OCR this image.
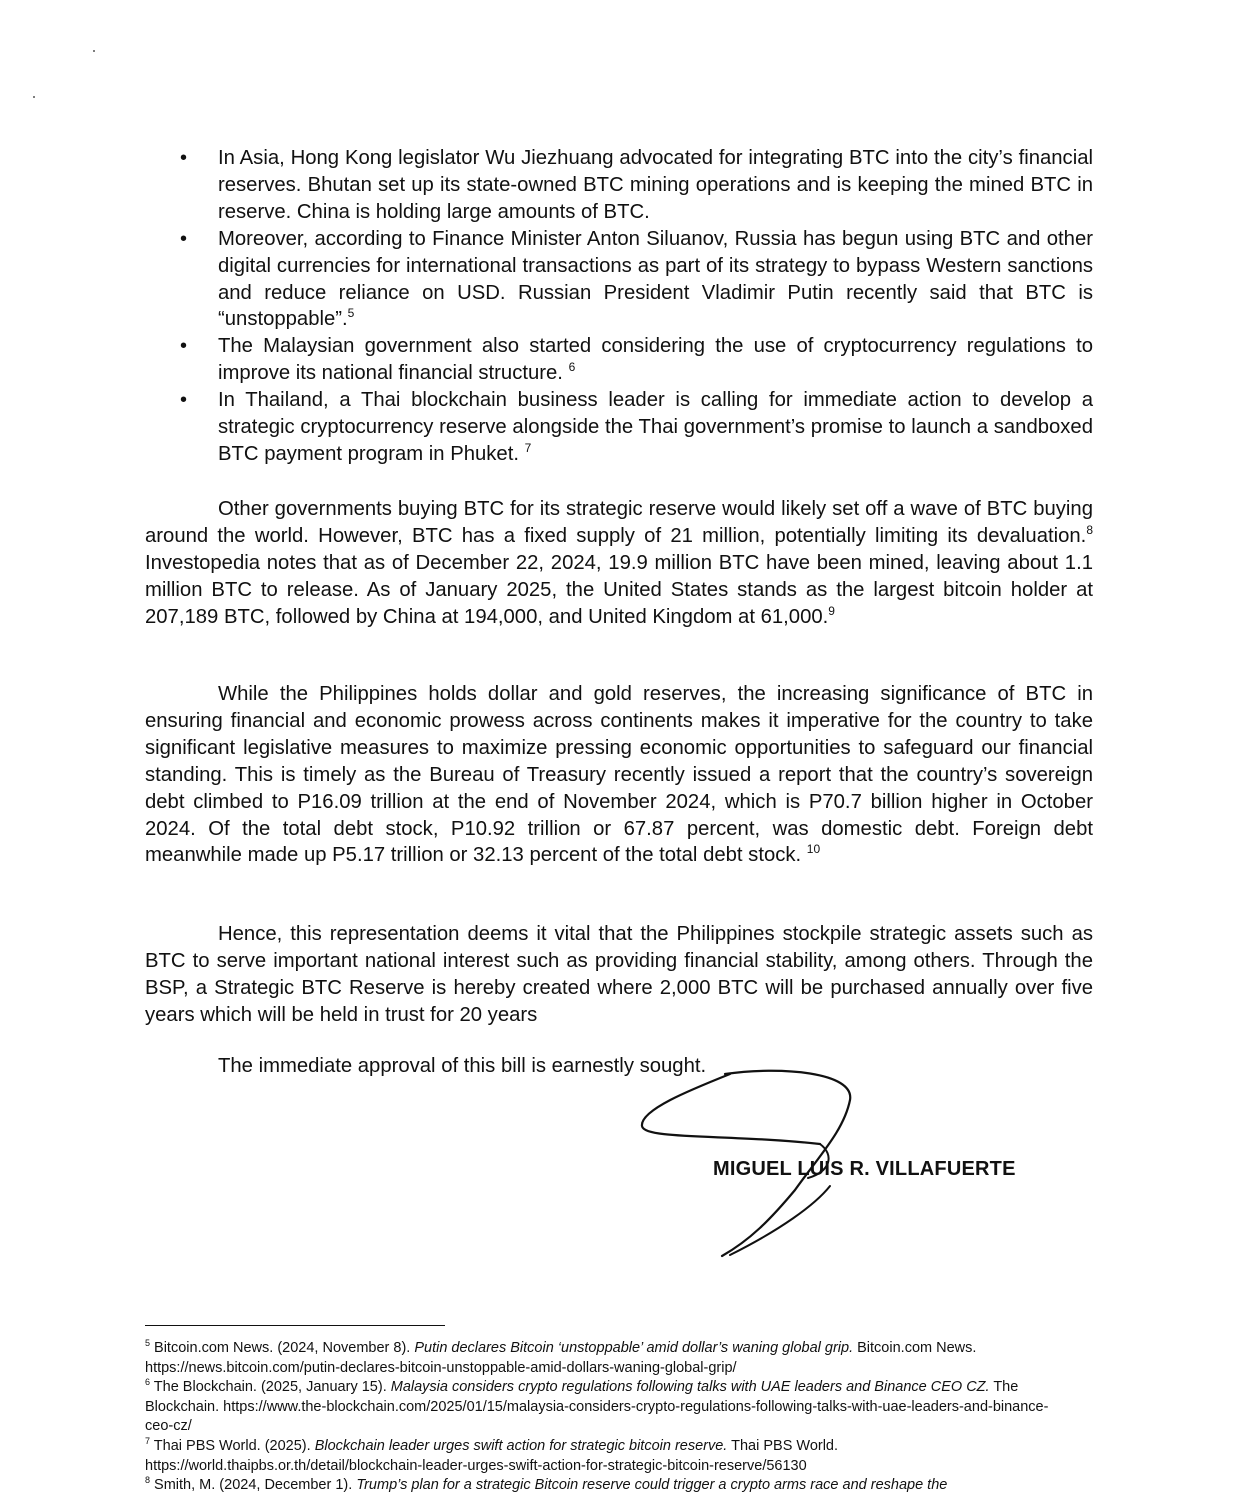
• In Asia, Hong Kong legislator Wu Jiezhuang advocated for integrating BTC into the city’s financial reserves. Bhutan set up its state-owned BTC mining operations and is keeping the mined BTC in reserve. China is holding large amounts of BTC.
• Moreover, according to Finance Minister Anton Siluanov, Russia has begun using BTC and other digital currencies for international transactions as part of its strategy to bypass Western sanctions and reduce reliance on USD. Russian President Vladimir Putin recently said that BTC is “unstoppable”.$^5$
• The Malaysian government also started considering the use of cryptocurrency regulations to improve its national financial structure. $^6$
• In Thailand, a Thai blockchain business leader is calling for immediate action to develop a strategic cryptocurrency reserve alongside the Thai government’s promise to launch a sandboxed BTC payment program in Phuket. $^7$

Other governments buying BTC for its strategic reserve would likely set off a wave of BTC buying around the world. However, BTC has a fixed supply of 21 million, potentially limiting its devaluation.$^8$ Investopedia notes that as of December 22, 2024, 19.9 million BTC have been mined, leaving about 1.1 million BTC to release. As of January 2025, the United States stands as the largest bitcoin holder at 207,189 BTC, followed by China at 194,000, and United Kingdom at 61,000.$^9$

While the Philippines holds dollar and gold reserves, the increasing significance of BTC in ensuring financial and economic prowess across continents makes it imperative for the country to take significant legislative measures to maximize pressing economic opportunities to safeguard our financial standing. This is timely as the Bureau of Treasury recently issued a report that the country’s sovereign debt climbed to P16.09 trillion at the end of November 2024, which is P70.7 billion higher in October 2024. Of the total debt stock, P10.92 trillion or 67.87 percent, was domestic debt. Foreign debt meanwhile made up P5.17 trillion or 32.13 percent of the total debt stock. $^{10}$

Hence, this representation deems it vital that the Philippines stockpile strategic assets such as BTC to serve important national interest such as providing financial stability, among others. Through the BSP, a Strategic BTC Reserve is hereby created where 2,000 BTC will be purchased annually over five years which will be held in trust for 20 years

The immediate approval of this bill is earnestly sought.
MIGUEL LUIS R. VILLAFUERTE

$^5$ Bitcoin.com News. (2024, November 8). Putin declares Bitcoin ‘unstoppable’ amid dollar’s waning global grip. Bitcoin.com News. https://news.bitcoin.com/putin-declares-bitcoin-unstoppable-amid-dollars-waning-global-grip/

$^6$ The Blockchain. (2025, January 15). Malaysia considers crypto regulations following talks with UAE leaders and Binance CEO CZ. The Blockchain. https://www.the-blockchain.com/2025/01/15/malaysia-considers-crypto-regulations-following-talks-with-uae-leaders-and-binance-ceo-cz/

$^7$ Thai PBS World. (2025). Blockchain leader urges swift action for strategic bitcoin reserve. Thai PBS World. https://world.thaipbs.or.th/detail/blockchain-leader-urges-swift-action-for-strategic-bitcoin-reserve/56130

$^8$ Smith, M. (2024, December 1). Trump’s plan for a strategic Bitcoin reserve could trigger a crypto arms race and reshape the
